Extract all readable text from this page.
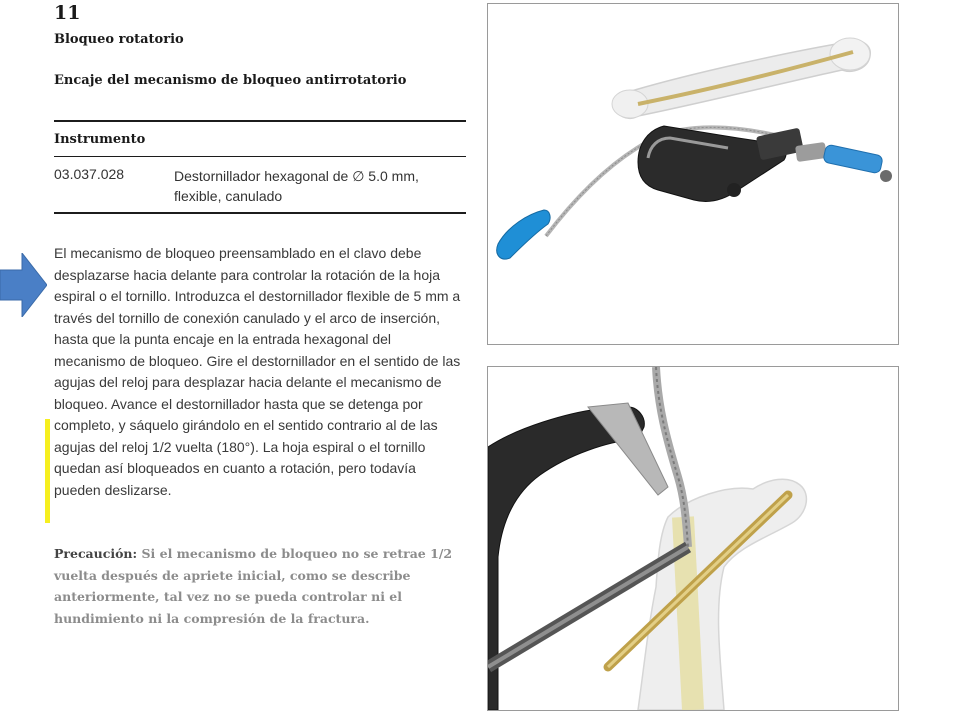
11
Bloqueo rotatorio
Encaje del mecanismo de bloqueo antirrotatorio
Instrumento
03.037.028	Destornillador hexagonal de ∅ 5.0 mm, flexible, canulado

El mecanismo de bloqueo preensamblado en el clavo debe desplazarse hacia delante para controlar la rotación de la hoja espiral o el tornillo. Introduzca el destornillador flexible de 5 mm a través del tornillo de conexión canulado y el arco de inserción, hasta que la punta encaje en la entrada hexagonal del mecanismo de bloqueo. Gire el destornillador en el sentido de las agujas del reloj para desplazar hacia delante el mecanismo de bloqueo. Avance el destornillador hasta que se detenga por completo, y sáquelo girándolo en el sentido contrario al de las agujas del reloj 1/2 vuelta (180°). La hoja espiral o el tornillo quedan así bloqueados en cuanto a rotación, pero todavía pueden deslizarse.

Precaución: Si el mecanismo de bloqueo no se retrae 1/2 vuelta después de apriete inicial, como se describe anteriormente, tal vez no se pueda controlar ni el hundimiento ni la compresión de la fractura.
